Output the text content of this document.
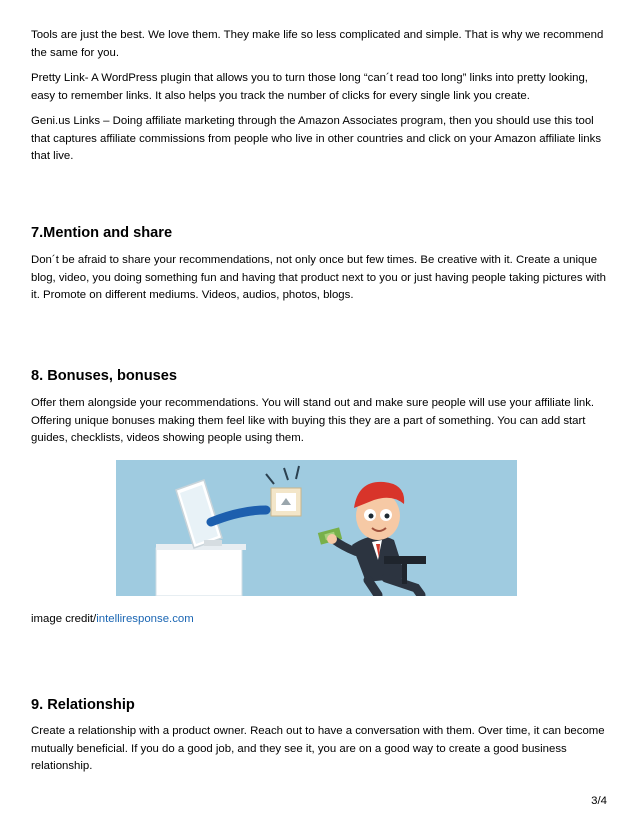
Tools are just the best. We love them. They make life so less complicated and simple. That is why we recommend the same for you.

Pretty Link- A WordPress plugin that allows you to turn those long “can´t read too long” links into pretty looking, easy to remember links. It also helps you track the number of clicks for every single link you create.

Geni.us Links – Doing affiliate marketing through the Amazon Associates program, then you should use this tool that captures affiliate commissions from people who live in other countries and click on your Amazon affiliate links that live.

7.Mention and share

Don´t be afraid to share your recommendations, not only once but few times. Be creative with it. Create a unique blog, video, you doing something fun and having that product next to you or just having people taking pictures with it. Promote on different mediums. Videos, audios, photos, blogs.

8. Bonuses, bonuses

Offer them alongside your recommendations. You will stand out and make sure people will use your affiliate link. Offering unique bonuses making them feel like with buying this they are a part of something. You can add start guides, checklists, videos showing people using them.

image credit/intelliresponse.com
9. Relationship

Create a relationship with a product owner. Reach out to have a conversation with them. Over time, it can become mutually beneficial. If you do a good job, and they see it, you are on a good way to create a good business relationship.

3/4
